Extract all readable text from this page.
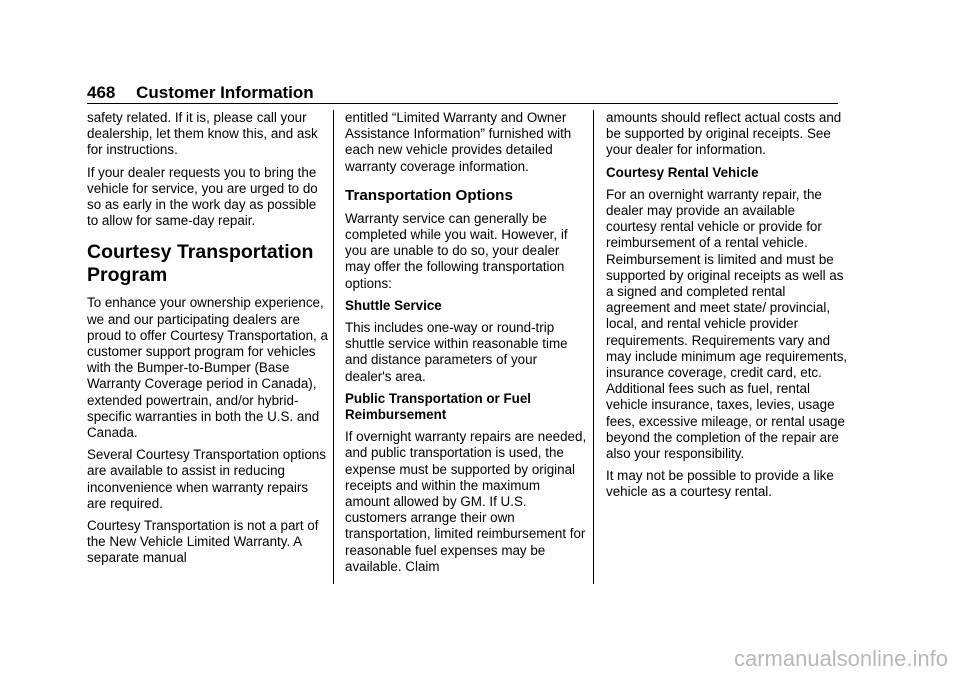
468 Customer Information

safety related. If it is, please call your dealership, let them know this, and ask for instructions.

If your dealer requests you to bring the vehicle for service, you are urged to do so as early in the work day as possible to allow for same-day repair.

Courtesy Transportation Program

To enhance your ownership experience, we and our participating dealers are proud to offer Courtesy Transportation, a customer support program for vehicles with the Bumper-to-Bumper (Base Warranty Coverage period in Canada), extended powertrain, and/or hybrid-specific warranties in both the U.S. and Canada.

Several Courtesy Transportation options are available to assist in reducing inconvenience when warranty repairs are required.

Courtesy Transportation is not a part of the New Vehicle Limited Warranty. A separate manual

entitled “Limited Warranty and Owner Assistance Information” furnished with each new vehicle provides detailed warranty coverage information.

Transportation Options

Warranty service can generally be completed while you wait. However, if you are unable to do so, your dealer may offer the following transportation options:

Shuttle Service

This includes one-way or round-trip shuttle service within reasonable time and distance parameters of your dealer's area.

Public Transportation or Fuel Reimbursement

If overnight warranty repairs are needed, and public transportation is used, the expense must be supported by original receipts and within the maximum amount allowed by GM. If U.S. customers arrange their own transportation, limited reimbursement for reasonable fuel expenses may be available. Claim

amounts should reflect actual costs and be supported by original receipts. See your dealer for information.

Courtesy Rental Vehicle

For an overnight warranty repair, the dealer may provide an available courtesy rental vehicle or provide for reimbursement of a rental vehicle. Reimbursement is limited and must be supported by original receipts as well as a signed and completed rental agreement and meet state/ provincial, local, and rental vehicle provider requirements. Requirements vary and may include minimum age requirements, insurance coverage, credit card, etc. Additional fees such as fuel, rental vehicle insurance, taxes, levies, usage fees, excessive mileage, or rental usage beyond the completion of the repair are also your responsibility.

It may not be possible to provide a like vehicle as a courtesy rental.

carmanualsonline.info
